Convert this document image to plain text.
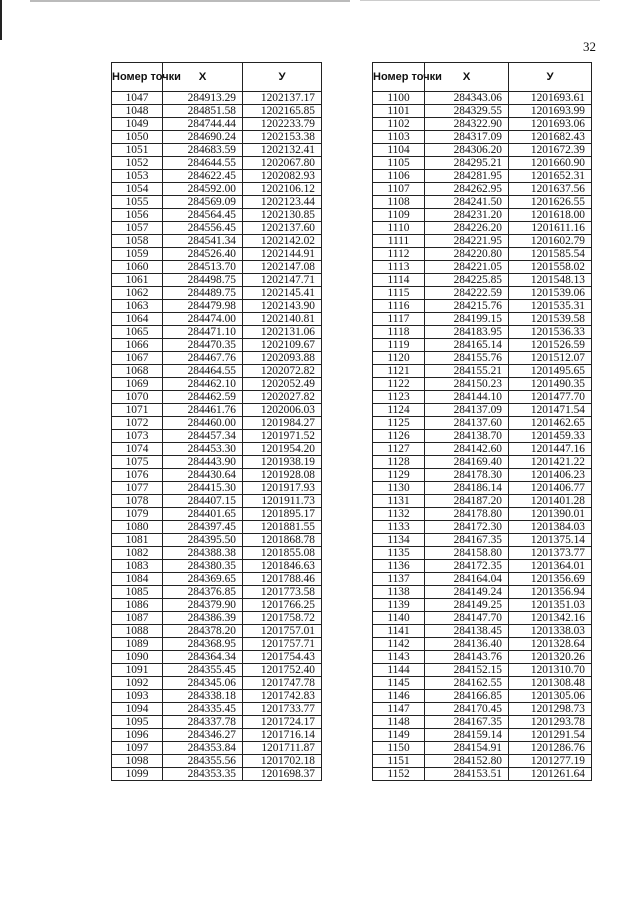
32
Номер точки	X	У
1047	284913.29	1202137.17
1048	284851.58	1202165.85
1049	284744.44	1202233.79
1050	284690.24	1202153.38
1051	284683.59	1202132.41
1052	284644.55	1202067.80
1053	284622.45	1202082.93
1054	284592.00	1202106.12
1055	284569.09	1202123.44
1056	284564.45	1202130.85
1057	284556.45	1202137.60
1058	284541.34	1202142.02
1059	284526.40	1202144.91
1060	284513.70	1202147.08
1061	284498.75	1202147.71
1062	284489.75	1202145.41
1063	284479.98	1202143.90
1064	284474.00	1202140.81
1065	284471.10	1202131.06
1066	284470.35	1202109.67
1067	284467.76	1202093.88
1068	284464.55	1202072.82
1069	284462.10	1202052.49
1070	284462.59	1202027.82
1071	284461.76	1202006.03
1072	284460.00	1201984.27
1073	284457.34	1201971.52
1074	284453.30	1201954.20
1075	284443.90	1201938.19
1076	284430.64	1201928.08
1077	284415.30	1201917.93
1078	284407.15	1201911.73
1079	284401.65	1201895.17
1080	284397.45	1201881.55
1081	284395.50	1201868.78
1082	284388.38	1201855.08
1083	284380.35	1201846.63
1084	284369.65	1201788.46
1085	284376.85	1201773.58
1086	284379.90	1201766.25
1087	284386.39	1201758.72
1088	284378.20	1201757.01
1089	284368.95	1201757.71
1090	284364.34	1201754.43
1091	284355.45	1201752.40
1092	284345.06	1201747.78
1093	284338.18	1201742.83
1094	284335.45	1201733.77
1095	284337.78	1201724.17
1096	284346.27	1201716.14
1097	284353.84	1201711.87
1098	284355.56	1201702.18
1099	284353.35	1201698.37
Номер точки	X	У
1100	284343.06	1201693.61
1101	284329.55	1201693.99
1102	284322.90	1201693.06
1103	284317.09	1201682.43
1104	284306.20	1201672.39
1105	284295.21	1201660.90
1106	284281.95	1201652.31
1107	284262.95	1201637.56
1108	284241.50	1201626.55
1109	284231.20	1201618.00
1110	284226.20	1201611.16
1111	284221.95	1201602.79
1112	284220.80	1201585.54
1113	284221.05	1201558.02
1114	284225.85	1201548.13
1115	284222.59	1201539.06
1116	284215.76	1201535.31
1117	284199.15	1201539.58
1118	284183.95	1201536.33
1119	284165.14	1201526.59
1120	284155.76	1201512.07
1121	284155.21	1201495.65
1122	284150.23	1201490.35
1123	284144.10	1201477.70
1124	284137.09	1201471.54
1125	284137.60	1201462.65
1126	284138.70	1201459.33
1127	284142.60	1201447.16
1128	284169.40	1201421.22
1129	284178.30	1201406.23
1130	284186.14	1201406.77
1131	284187.20	1201401.28
1132	284178.80	1201390.01
1133	284172.30	1201384.03
1134	284167.35	1201375.14
1135	284158.80	1201373.77
1136	284172.35	1201364.01
1137	284164.04	1201356.69
1138	284149.24	1201356.94
1139	284149.25	1201351.03
1140	284147.70	1201342.16
1141	284138.45	1201338.03
1142	284136.40	1201328.64
1143	284143.76	1201320.26
1144	284152.15	1201310.70
1145	284162.55	1201308.48
1146	284166.85	1201305.06
1147	284170.45	1201298.73
1148	284167.35	1201293.78
1149	284159.14	1201291.54
1150	284154.91	1201286.76
1151	284152.80	1201277.19
1152	284153.51	1201261.64
